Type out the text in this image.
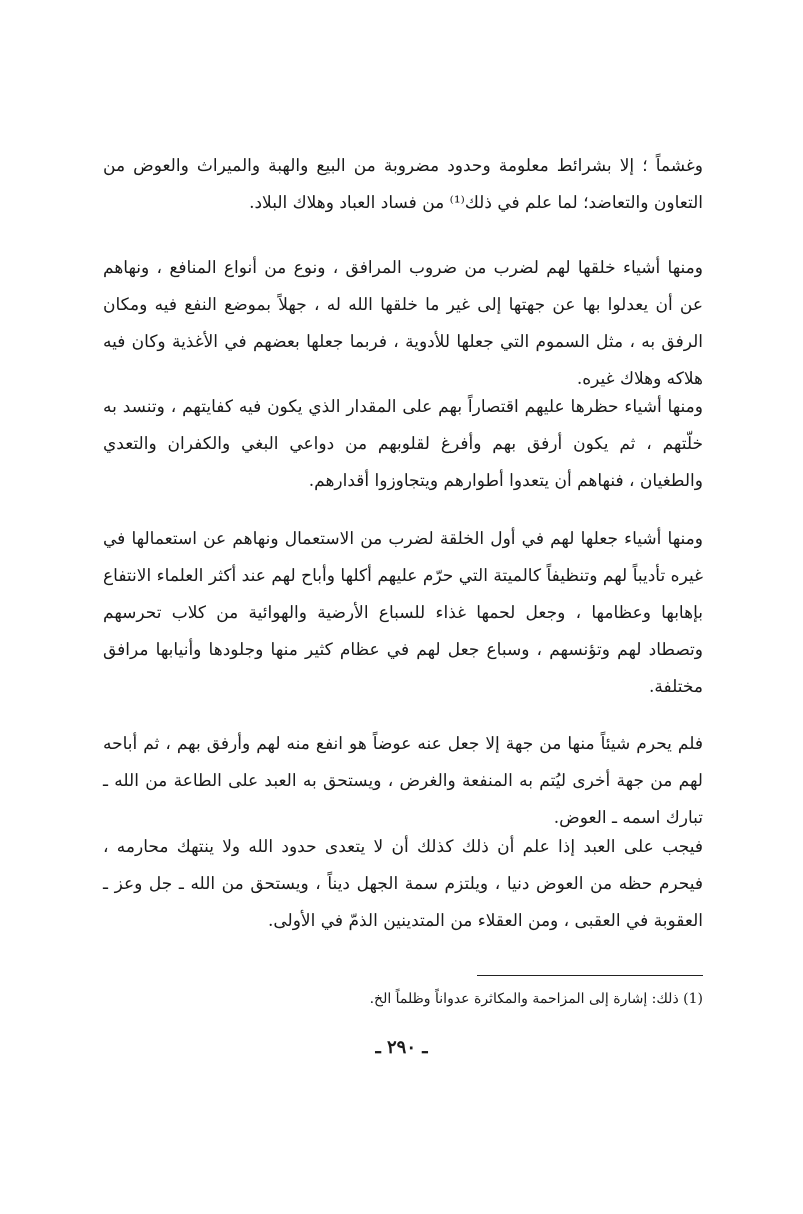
وغشماً ؛ إلا بشرائط معلومة وحدود مضروبة من البيع والهبة والميراث والعوض من التعاون والتعاضد؛ لما علم في ذلك⁽¹⁾ من فساد العباد وهلاك البلاد.

ومنها أشياء خلقها لهم لضرب من ضروب المرافق ، ونوع من أنواع المنافع ، ونهاهم عن أن يعدلوا بها عن جهتها إلى غير ما خلقها الله له ، جهلاً بموضع النفع فيه ومكان الرفق به ، مثل السموم التي جعلها للأدوية ، فربما جعلها بعضهم في الأغذية وكان فيه هلاكه وهلاك غيره.

ومنها أشياء حظرها عليهم اقتصاراً بهم على المقدار الذي يكون فيه كفايتهم ، وتنسد به خلّتهم ، ثم يكون أرفق بهم وأفرغ لقلوبهم من دواعي البغي والكفران والتعدي والطغيان ، فنهاهم أن يتعدوا أطوارهم ويتجاوزوا أقدارهم.

ومنها أشياء جعلها لهم في أول الخلقة لضرب من الاستعمال ونهاهم عن استعمالها في غيره تأديباً لهم وتنظيفاً كالميتة التي حرّم عليهم أكلها وأباح لهم عند أكثر العلماء الانتفاع بإهابها وعظامها ، وجعل لحمها غذاء للسباع الأرضية والهوائية من كلاب تحرسهم وتصطاد لهم وتؤنسهم ، وسباع جعل لهم في عظام كثير منها وجلودها وأنيابها مرافق مختلفة.

فلم يحرم شيئاً منها من جهة إلا جعل عنه عوضاً هو انفع منه لهم وأرفق بهم ، ثم أباحه لهم من جهة أخرى ليُتم به المنفعة والغرض ، ويستحق به العبد على الطاعة من الله ـ تبارك اسمه ـ العوض.

فيجب على العبد إذا علم أن ذلك كذلك أن لا يتعدى حدود الله ولا ينتهك محارمه ، فيحرم حظه من العوض دنيا ، ويلتزم سمة الجهل ديناً ، ويستحق من الله ـ جل وعز ـ العقوبة في العقبى ، ومن العقلاء من المتدينين الذمّ في الأولى.

(1) ذلك: إشارة إلى المزاحمة والمكاثرة عدواناً وظلماً الخ.

ـ ٢٩٠ ـ
